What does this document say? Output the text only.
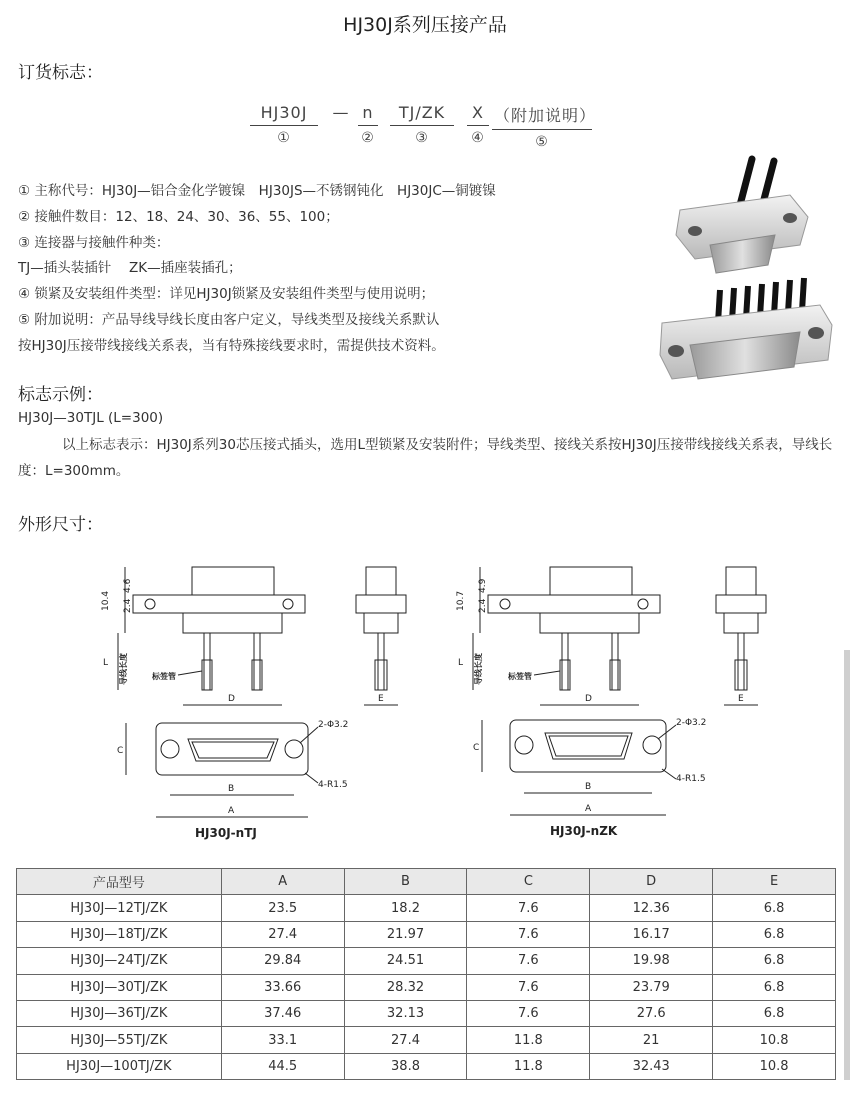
HJ30J系列压接产品
订货标志：
HJ30J
①
— n
②
TJ/ZK
③
X
④
（附加说明）
⑤
① 主称代号：HJ30J—铝合金化学镀镍　HJ30JS—不锈钢钝化　HJ30JC—铜镀镍
② 接触件数目：12、18、24、30、36、55、100；
③ 连接器与接触件种类：
TJ—插头装插针　 ZK—插座装插孔；
④ 锁紧及安装组件类型：详见HJ30J锁紧及安装组件类型与使用说明；
⑤ 附加说明：产品导线导线长度由客户定义，导线类型及接线关系默认
按HJ30J压接带线接线关系表，当有特殊接线要求时，需提供技术资料。
标志示例：
HJ30J—30TJL (L=300)
以上标志表示：HJ30J系列30芯压接式插头，选用L型锁紧及安装附件；导线类型、接线关系按HJ30J压接带线接线关系表，导线长度：L=300mm。
外形尺寸：
10.4 2.4
4.6
L 导线长度	标签管
D	E
C
B
A
2-Φ3.2
4-R1.5
HJ30J-nTJ
10.7 2.4
4.9
L 导线长度	标签管
D	E
C
B
A
2-Φ3.2
4-R1.5
HJ30J-nZK
产品型号	A	B	C	D	E
HJ30J—12TJ/ZK	23.5	18.2	7.6	12.36	6.8
HJ30J—18TJ/ZK	27.4	21.97	7.6	16.17	6.8
HJ30J—24TJ/ZK	29.84	24.51	7.6	19.98	6.8
HJ30J—30TJ/ZK	33.66	28.32	7.6	23.79	6.8
HJ30J—36TJ/ZK	37.46	32.13	7.6	27.6	6.8
HJ30J—55TJ/ZK	33.1	27.4	11.8	21	10.8
HJ30J—100TJ/ZK	44.5	38.8	11.8	32.43	10.8
